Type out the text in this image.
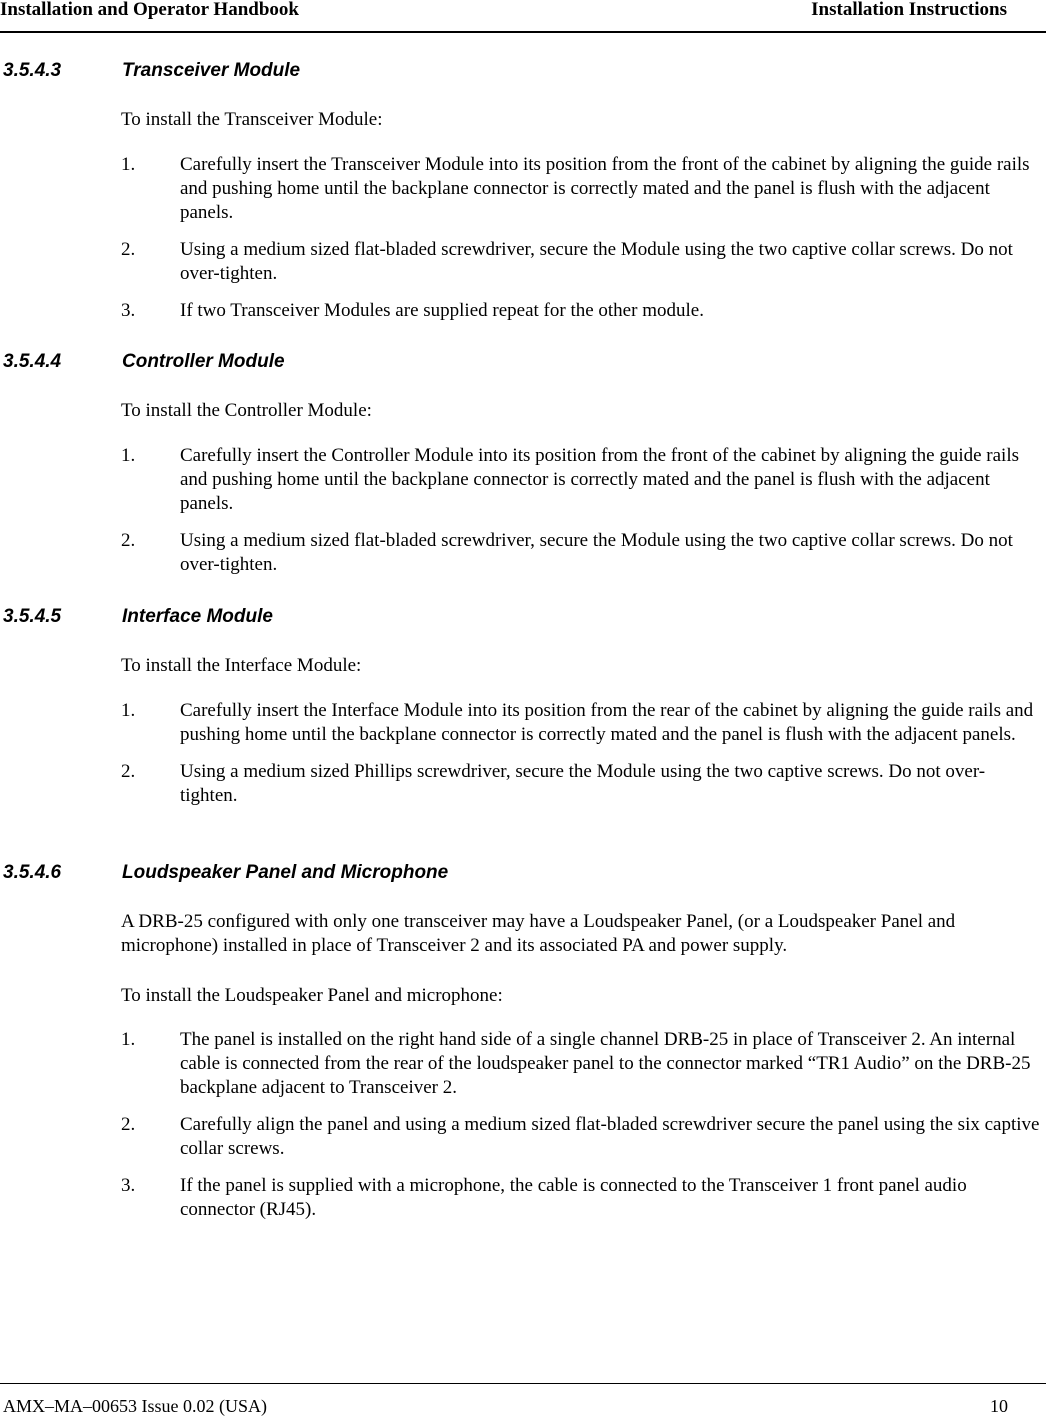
Installation and Operator Handbook	Installation Instructions
3.5.4.3	Transceiver Module
To install the Transceiver Module:
1. Carefully insert the Transceiver Module into its position from the front of the cabinet by aligning the guide rails and pushing home until the backplane connector is correctly mated and the panel is flush with the adjacent panels.
2. Using a medium sized flat-bladed screwdriver, secure the Module using the two captive collar screws. Do not over-tighten.
3. If two Transceiver Modules are supplied repeat for the other module.
3.5.4.4	Controller Module
To install the Controller Module:
1. Carefully insert the Controller Module into its position from the front of the cabinet by aligning the guide rails and pushing home until the backplane connector is correctly mated and the panel is flush with the adjacent panels.
2. Using a medium sized flat-bladed screwdriver, secure the Module using the two captive collar screws. Do not over-tighten.
3.5.4.5	Interface Module
To install the Interface Module:
1. Carefully insert the Interface Module into its position from the rear of the cabinet by aligning the guide rails and pushing home until the backplane connector is correctly mated and the panel is flush with the adjacent panels.
2. Using a medium sized Phillips screwdriver, secure the Module using the two captive screws. Do not over-tighten.
3.5.4.6	Loudspeaker Panel and Microphone
A DRB-25 configured with only one transceiver may have a Loudspeaker Panel, (or a Loudspeaker Panel and microphone) installed in place of Transceiver 2 and its associated PA and power supply.
To install the Loudspeaker Panel and microphone:
1. The panel is installed on the right hand side of a single channel DRB-25 in place of Transceiver 2. An internal cable is connected from the rear of the loudspeaker panel to the connector marked “TR1 Audio” on the DRB-25 backplane adjacent to Transceiver 2.
2. Carefully align the panel and using a medium sized flat-bladed screwdriver secure the panel using the six captive collar screws.
3. If the panel is supplied with a microphone, the cable is connected to the Transceiver 1 front panel audio connector (RJ45).
AMX–MA–00653 Issue 0.02 (USA)	10
